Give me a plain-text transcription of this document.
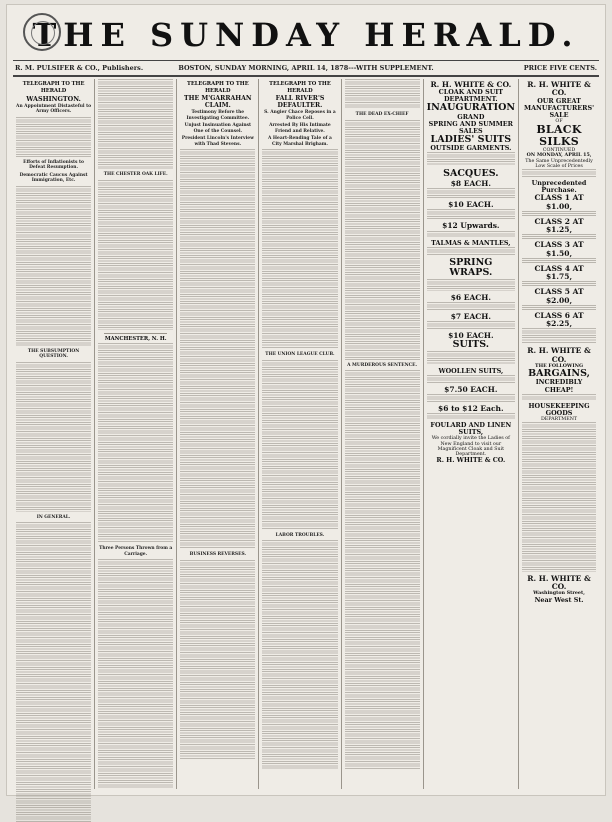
THE SUNDAY HERALD.
R. M. PULSIFER & CO., Publishers.	BOSTON, SUNDAY MORNING, APRIL 14, 1878---WITH SUPPLEMENT.	PRICE FIVE CENTS.
TELEGRAPH TO THE HERALD
WASHINGTON.
An Appointment Distasteful to Army Officers.
Efforts of Inflationists to Defeat Resumption.
Democratic Caucus Against Immigration, Etc.
THE SUBSUMPTION QUESTION.
IN GENERAL.
THE CHESTER OAK LIFE.
MANCHESTER, N. H.
Three Persons Thrown from a Carriage.
TELEGRAPH TO THE HERALD
THE M'GARRAHAN CLAIM.
Testimony Before the Investigating Committee.
Unjust Insinuation Against One of the Counsel.
President Lincoln's Interview with Thad Stevens.
BUSINESS REVERSES.
TELEGRAPH TO THE HERALD
FALL RIVER'S DEFAULTER.
S. Angier Chace Reposes in a Police Cell.
Arrested By His Intimate Friend and Relative.
A Heart-Rending Tale of a City Marshal Brigham.
THE UNION LEAGUE CLUB.
LABOR TROUBLES.
THE DEAD EX-CHIEF
A MURDEROUS SENTENCE.
R. H. WHITE & CO.
CLOAK AND SUIT DEPARTMENT.
INAUGURATION
GRAND
SPRING AND SUMMER
SALES
LADIES' SUITS
OUTSIDE GARMENTS.
SACQUES.
$8 EACH.
$10 EACH.
$12 Upwards.
TALMAS & MANTLES,
SPRING WRAPS.
$6 EACH.
$7 EACH.
$10 EACH.
SUITS.
WOOLLEN SUITS,
$7.50 EACH.
$6 to $12 Each.
FOULARD AND LINEN
SUITS,
We cordially invite the Ladies of New England to visit our Magnificent Cloak and Suit Department.
R. H. WHITE & CO.
R. H. WHITE & CO.
OUR GREAT
MANUFACTURERS' SALE
OF
BLACK SILKS
CONTINUED
ON MONDAY, APRIL 15,
The Same Unprecedentedly Low Scale of Prices
Unprecedented Purchase.
CLASS 1 AT $1.00,
CLASS 2 AT $1.25,
CLASS 3 AT $1.50,
CLASS 4 AT $1.75,
CLASS 5 AT $2.00,
CLASS 6 AT $2.25,
R. H. WHITE & CO.
THE FOLLOWING
BARGAINS,
INCREDIBLY CHEAP!
HOUSEKEEPING GOODS
DEPARTMENT
R. H. WHITE & CO.
Washington Street,
Near West St.
